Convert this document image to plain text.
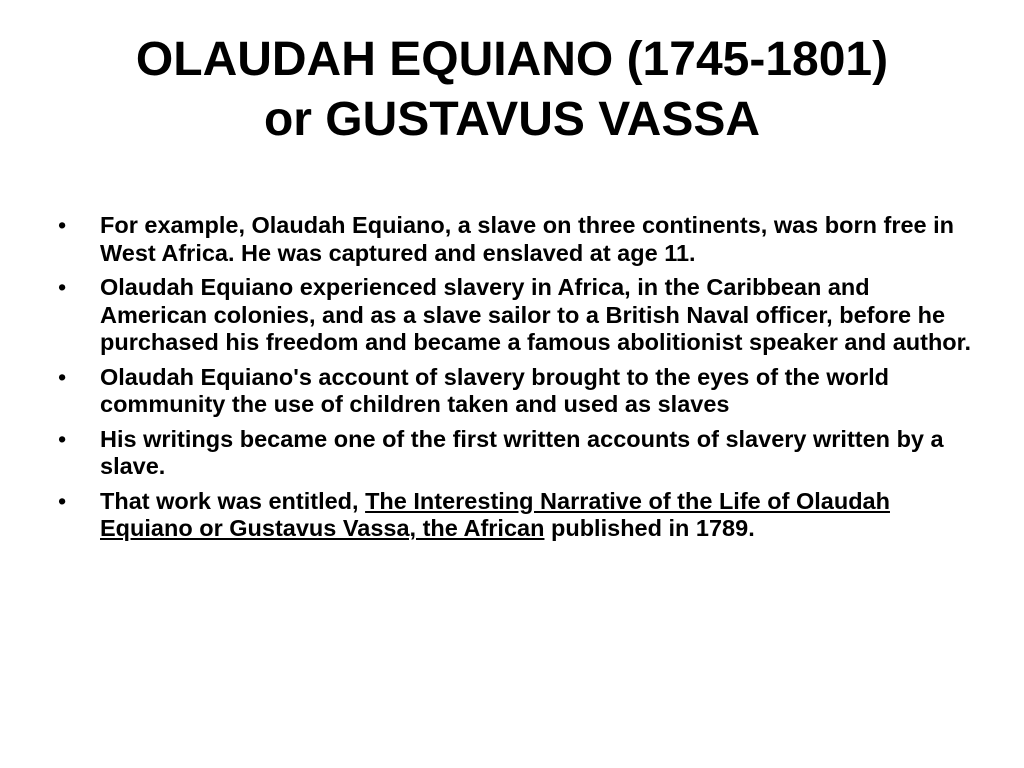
OLAUDAH EQUIANO (1745-1801)
or GUSTAVUS VASSA
•	For example, Olaudah Equiano, a slave on three continents, was born free in West Africa. He was captured and enslaved at age 11.
•	Olaudah Equiano experienced slavery in Africa, in the Caribbean and American colonies, and as a slave sailor to a British Naval officer, before he purchased his freedom and became a famous abolitionist speaker and author.
•	Olaudah Equiano's account of slavery brought to the eyes of the world community the use of children taken and used as slaves
•	His writings became one of the first written accounts of slavery written by a slave.
•	That work was entitled, The Interesting Narrative of the Life of Olaudah Equiano or Gustavus Vassa, the African published in 1789.
